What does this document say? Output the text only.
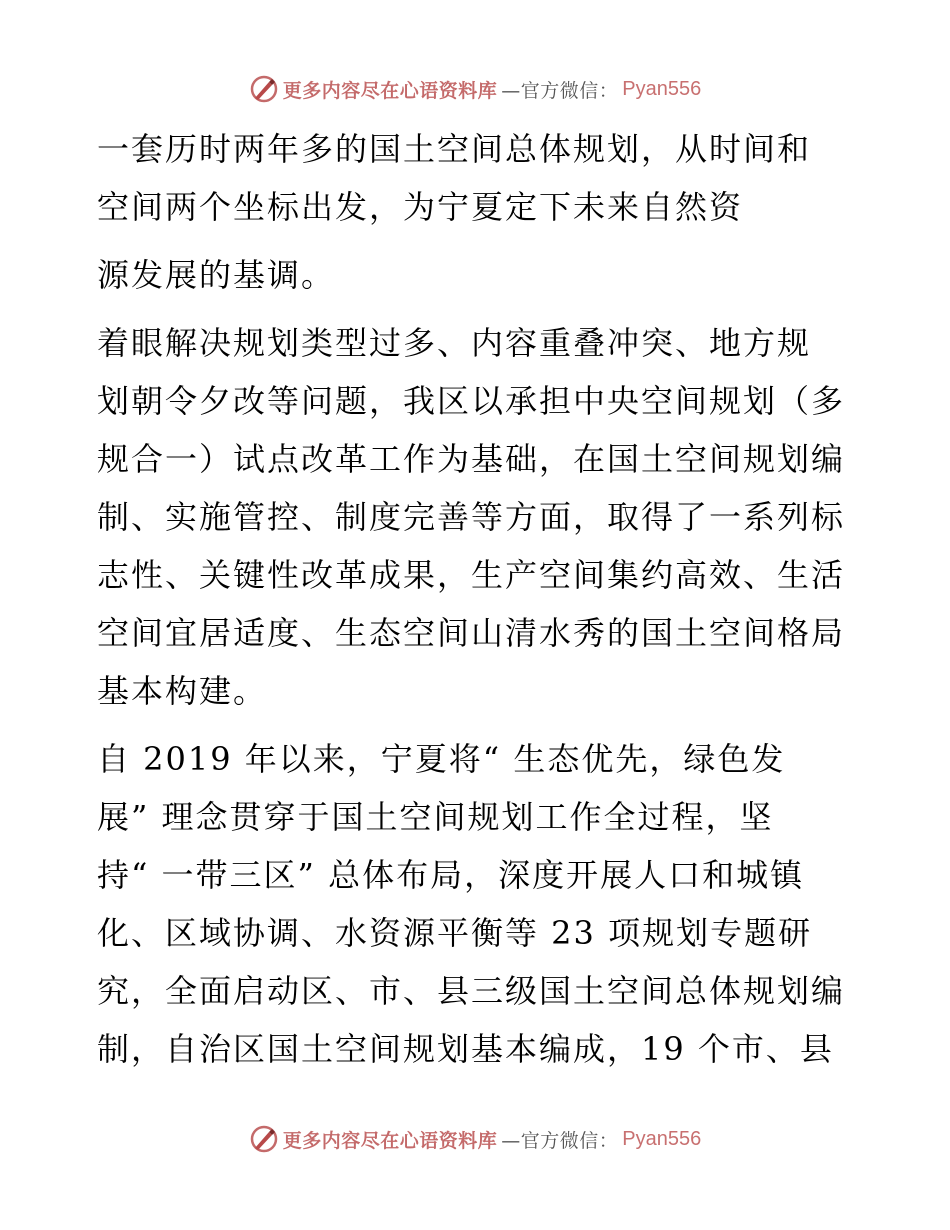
更多内容尽在心语资料库 —官方微信： Pyan556

一套历时两年多的国土空间总体规划，从时间和
空间两个坐标出发，为宁夏定下未来自然资

源发展的基调。

着眼解决规划类型过多、内容重叠冲突、地方规
划朝令夕改等问题，我区以承担中央空间规划（多
规合一）试点改革工作为基础，在国土空间规划编
制、实施管控、制度完善等方面，取得了一系列标
志性、关键性改革成果，生产空间集约高效、生活
空间宜居适度、生态空间山清水秀的国土空间格局
基本构建。

自 2019 年以来，宁夏将“ 生态优先，绿色发
展” 理念贯穿于国土空间规划工作全过程，坚
持“ 一带三区” 总体布局，深度开展人口和城镇
化、区域协调、水资源平衡等 23 项规划专题研
究，全面启动区、市、县三级国土空间总体规划编
制，自治区国土空间规划基本编成，19 个市、县

更多内容尽在心语资料库 —官方微信： Pyan556
